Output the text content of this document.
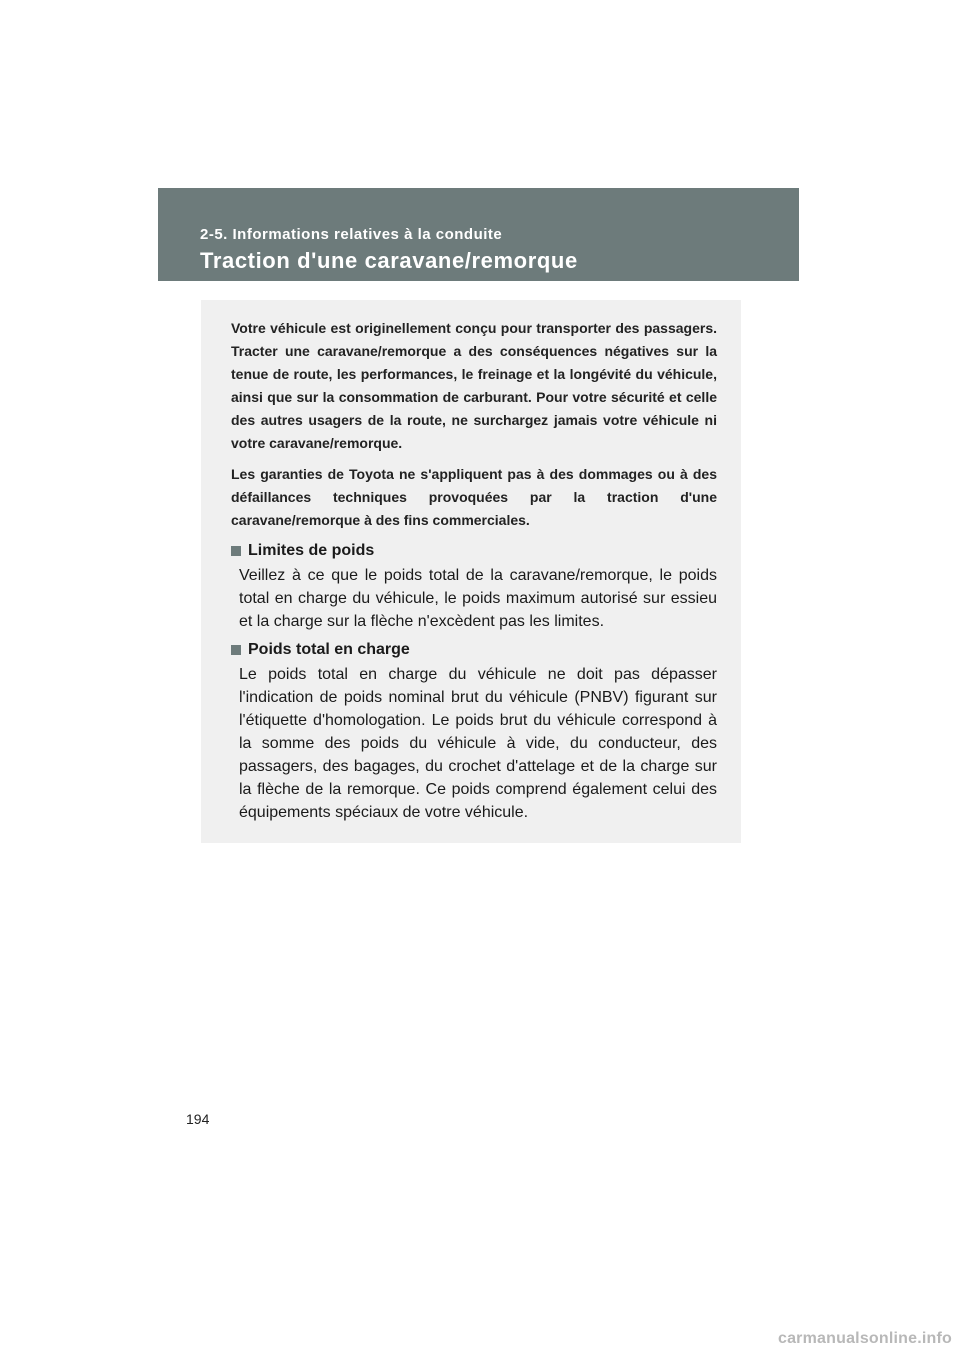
2-5. Informations relatives à la conduite
Traction d'une caravane/remorque

Votre véhicule est originellement conçu pour transporter des passagers. Tracter une caravane/remorque a des conséquences négatives sur la tenue de route, les performances, le freinage et la longévité du véhicule, ainsi que sur la consommation de carburant. Pour votre sécurité et celle des autres usagers de la route, ne surchargez jamais votre véhicule ni votre caravane/remorque.

Les garanties de Toyota ne s'appliquent pas à des dommages ou à des défaillances techniques provoquées par la traction d'une caravane/remorque à des fins commerciales.

Limites de poids

Veillez à ce que le poids total de la caravane/remorque, le poids total en charge du véhicule, le poids maximum autorisé sur essieu et la charge sur la flèche n'excèdent pas les limites.

Poids total en charge

Le poids total en charge du véhicule ne doit pas dépasser l'indication de poids nominal brut du véhicule (PNBV) figurant sur l'étiquette d'homologation. Le poids brut du véhicule correspond à la somme des poids du véhicule à vide, du conducteur, des passagers, des bagages, du crochet d'attelage et de la charge sur la flèche de la remorque. Ce poids comprend également celui des équipements spéciaux de votre véhicule.

194
carmanualsonline.info
